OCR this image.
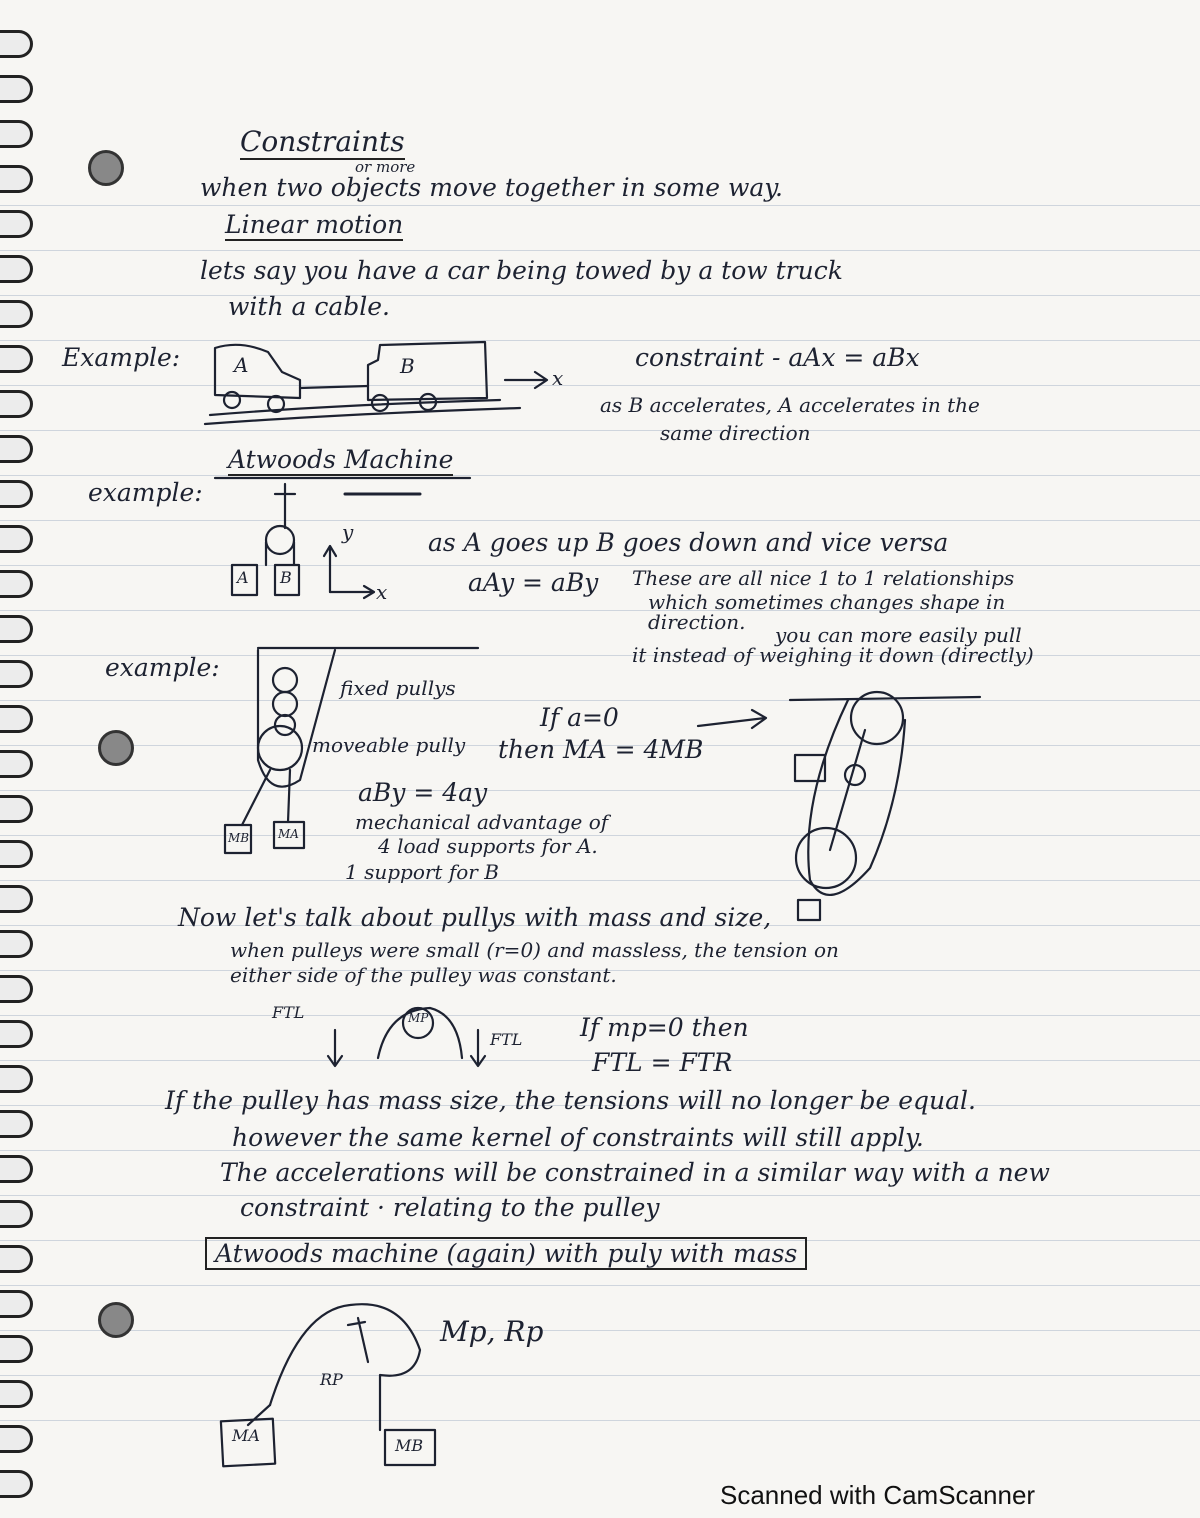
Constraints
or more
when two objects move together in some way.
Linear motion
lets say you have a car being towed by a tow truck
with a cable.
Example:	A	B	x
constraint - aAx = aBx
as B accelerates, A accelerates in the
same direction
Atwoods Machine
example:
y
x
A B
as A goes up B goes down and vice versa
aAy = aBy These are all nice 1 to 1 relationships
which sometimes changes shape in
direction.
you can more easily pull
it instead of weighing it down (directly)
example:
fixed pullys
moveable pully
If a=0
then MA = 4MB
aBy = 4ay
mechanical advantage of
4 load supports for A.
1 support for B
MB MA
Now let's talk about pullys with mass and size,
when pulleys were small (r=0) and massless, the tension on
either side of the pulley was constant.
FTL	MP
FTL If mp=0 then
FTL = FTR
If the pulley has mass size, the tensions will no longer be equal.
however the same kernel of constraints will still apply.
The accelerations will be constrained in a similar way with a new
constraint · relating to the pulley
Atwoods machine (again) with puly with mass
Mp, Rp
RP
MA
MB
Scanned with CamScanner
